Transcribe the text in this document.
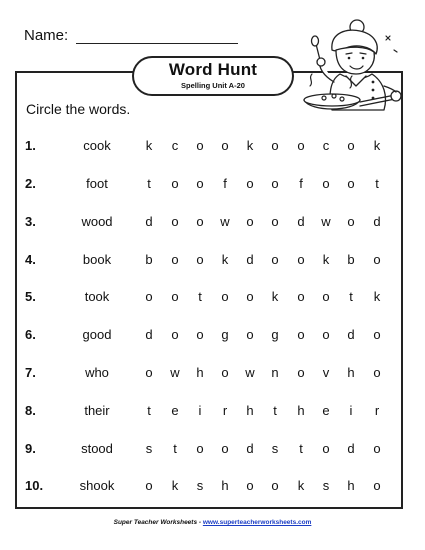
Name:
Word Hunt
Spelling Unit A-20
Circle the words.
1.	cook	k c o o k o o c o k
2.	foot	t	o o	f	o o	f	o o	t
3.	wood	d o o w o o d w o d
4.	book	b o o k d o o k b o
5.	took	o o	t	o o k o o	t	k
6.	good	d o o g o g o o d o
7.	who	o w h o w n o v h o
8.	their	t	e	i	r	h	t	h e	i	r
9.	stood	s	t	o o d s	t	o d o
10.	shook	o k s h o o k s h o
Super Teacher Worksheets - www.superteacherworksheets.com
